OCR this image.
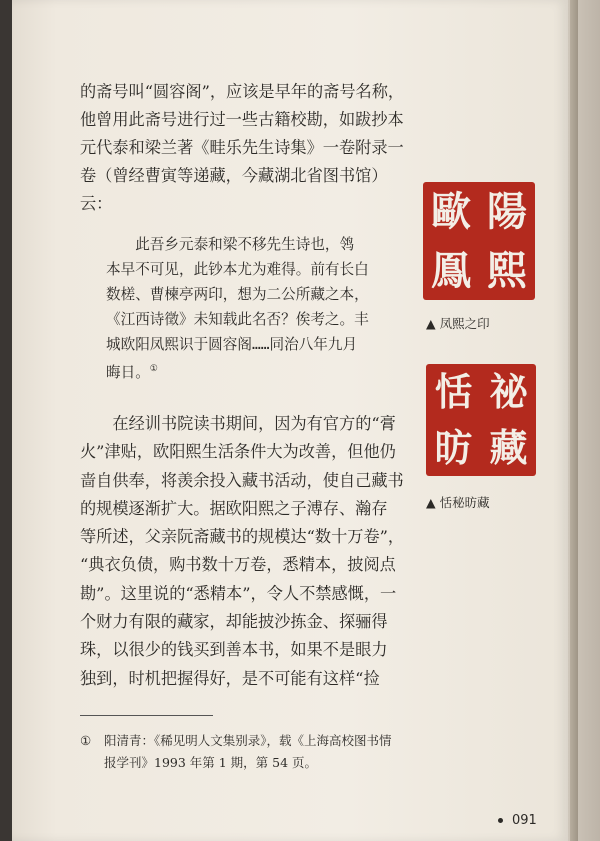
的斋号叫“圆容阁”，应该是早年的斋号名称，

他曾用此斋号进行过一些古籍校勘，如跋抄本

元代泰和梁兰著《畦乐先生诗集》一卷附录一

卷（曾经曹寅等递藏，今藏湖北省图书馆）云：

此吾乡元泰和梁不移先生诗也，鸰

本早不可见，此钞本尤为难得。前有长白

数槎、曹楝亭两印，想为二公所藏之本，

《江西诗徵》未知载此名否？俟考之。丰

城欧阳凤熙识于圆容阁……同治八年九月

晦日。①

在经训书院读书期间，因为有官方的“膏

火”津贴，欧阳熙生活条件大为改善，但他仍

啬自供奉，将羡余投入藏书活动，使自己藏书

的规模逐渐扩大。据欧阳熙之子溥存、瀚存

等所述，父亲阮斋藏书的规模达“数十万卷”，

“典衣负债，购书数十万卷，悉精本，披阅点

勘”。这里说的“悉精本”，令人不禁感慨，一

个财力有限的藏家，却能披沙拣金、探骊得

珠，以很少的钱买到善本书，如果不是眼力

独到，时机把握得好，是不可能有这样“捡

歐 陽
鳯 熙
▲ 凤熙之印
恬 祕
昉 藏
▲ 恬秘昉藏

① 阳清青：《稀见明人文集别录》，载《上海高校图书情

报学刊》1993 年第 1 期，第 54 页。

091
